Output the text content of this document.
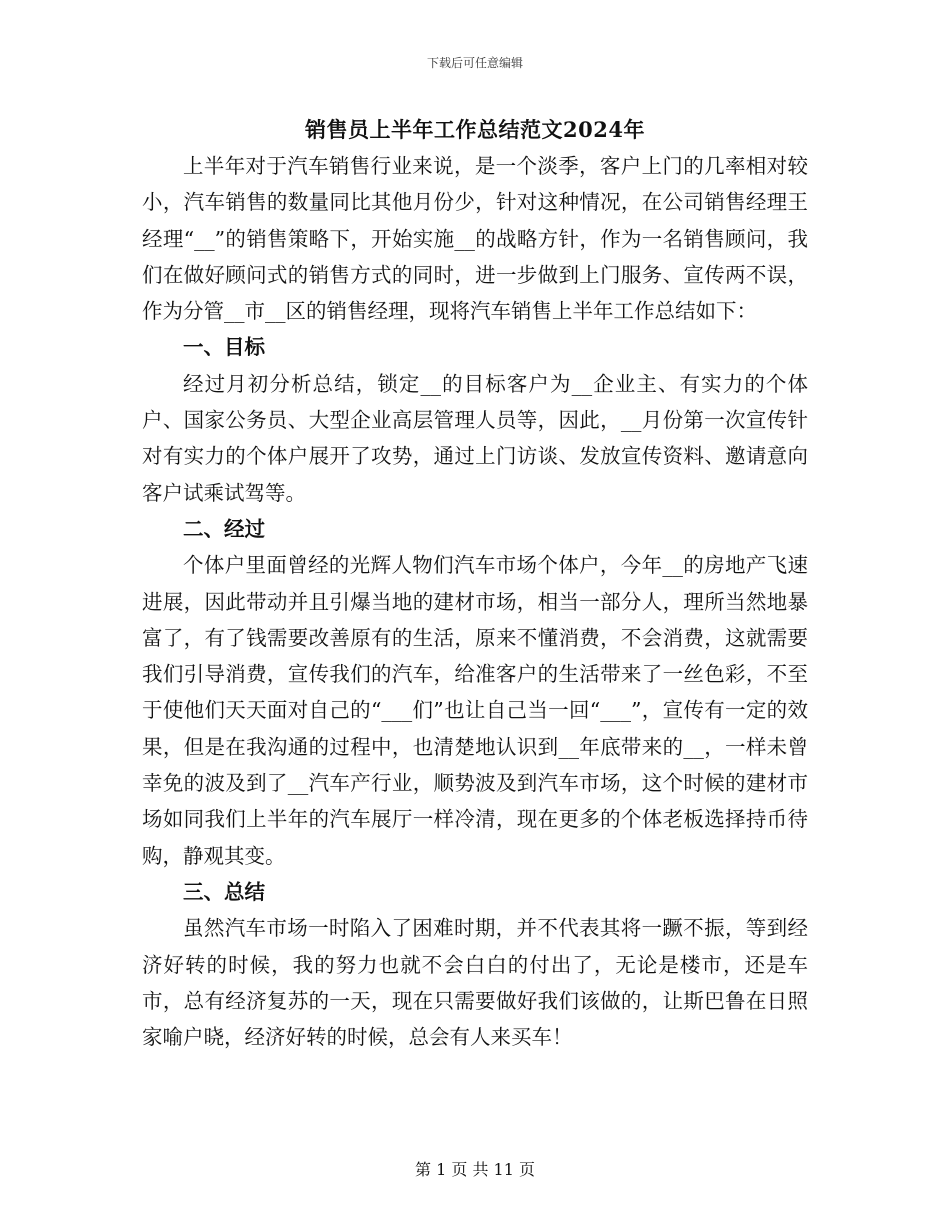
下载后可任意编辑
销售员上半年工作总结范文2024年

上半年对于汽车销售行业来说，是一个淡季，客户上门的几率相对较小，汽车销售的数量同比其他月份少，针对这种情况，在公司销售经理王经理“__”的销售策略下，开始实施__的战略方针，作为一名销售顾问，我们在做好顾问式的销售方式的同时，进一步做到上门服务、宣传两不误，作为分管__市__区的销售经理，现将汽车销售上半年工作总结如下：

一、目标

经过月初分析总结，锁定__的目标客户为__企业主、有实力的个体户、国家公务员、大型企业高层管理人员等，因此，__月份第一次宣传针对有实力的个体户展开了攻势，通过上门访谈、发放宣传资料、邀请意向客户试乘试驾等。

二、经过

个体户里面曾经的光辉人物们汽车市场个体户，今年__的房地产飞速进展，因此带动并且引爆当地的建材市场，相当一部分人，理所当然地暴富了，有了钱需要改善原有的生活，原来不懂消费，不会消费，这就需要我们引导消费，宣传我们的汽车，给准客户的生活带来了一丝色彩，不至于使他们天天面对自己的“___们”也让自己当一回“___”，宣传有一定的效果，但是在我沟通的过程中，也清楚地认识到__年底带来的__，一样未曾幸免的波及到了__汽车产行业，顺势波及到汽车市场，这个时候的建材市场如同我们上半年的汽车展厅一样冷清，现在更多的个体老板选择持币待购，静观其变。

三、总结

虽然汽车市场一时陷入了困难时期，并不代表其将一蹶不振，等到经济好转的时候，我的努力也就不会白白的付出了，无论是楼市，还是车市，总有经济复苏的一天，现在只需要做好我们该做的，让斯巴鲁在日照家喻户晓，经济好转的时候，总会有人来买车！

第 1 页 共 11 页
